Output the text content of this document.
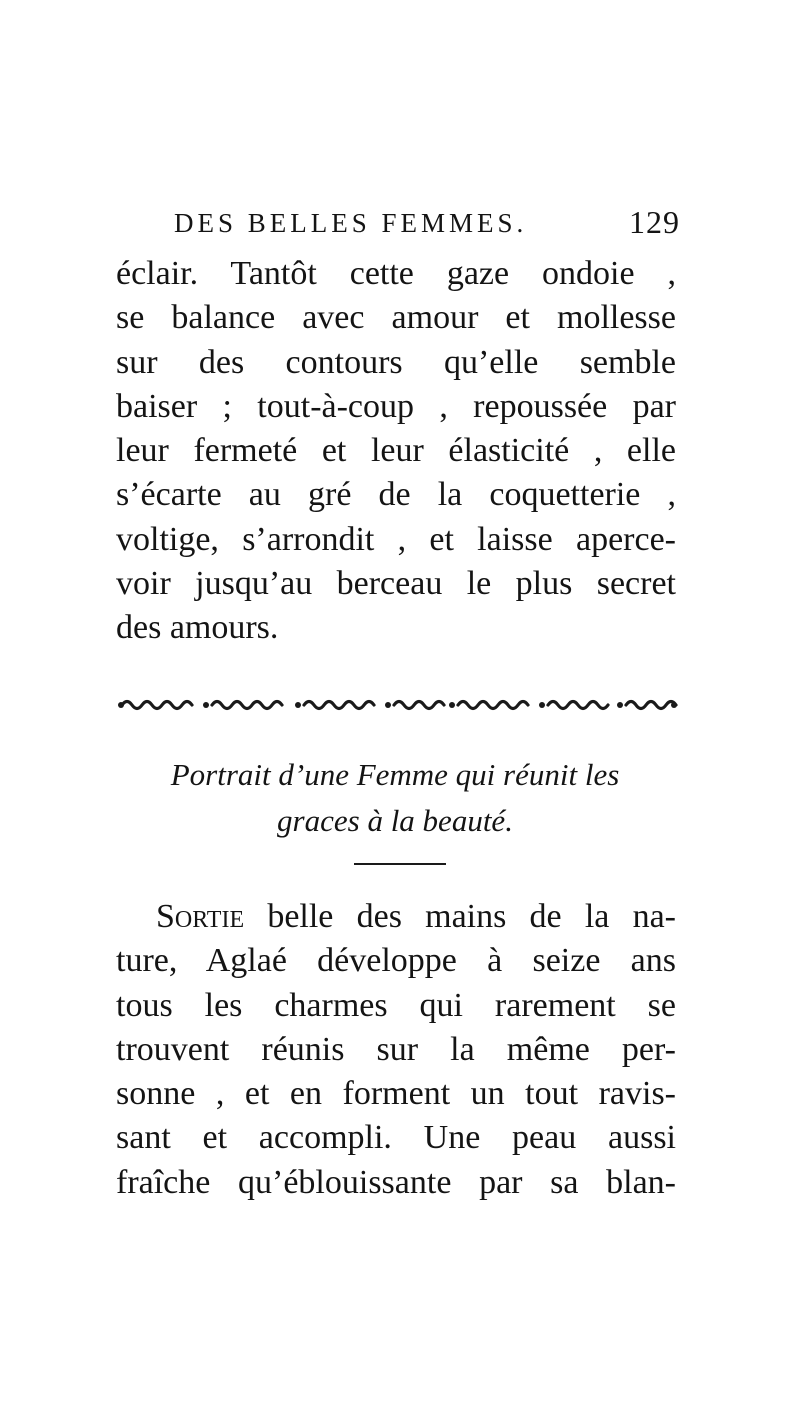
DES BELLES FEMMES.	129
éclair. Tantôt cette gaze ondoie ,
se balance avec amour et mollesse
sur des contours qu’elle semble
baiser ; tout-à-coup , repoussée par
leur fermeté et leur élasticité , elle
s’écarte au gré de la coquetterie ,
voltige, s’arrondit , et laisse aperce-
voir jusqu’au berceau le plus secret
des amours.
Portrait d’une Femme qui réunit les
graces à la beauté.
Sortie belle des mains de la na-
ture, Aglaé développe à seize ans
tous les charmes qui rarement se
trouvent réunis sur la même per-
sonne , et en forment un tout ravis-
sant et accompli. Une peau aussi
fraîche qu’éblouissante par sa blan-
